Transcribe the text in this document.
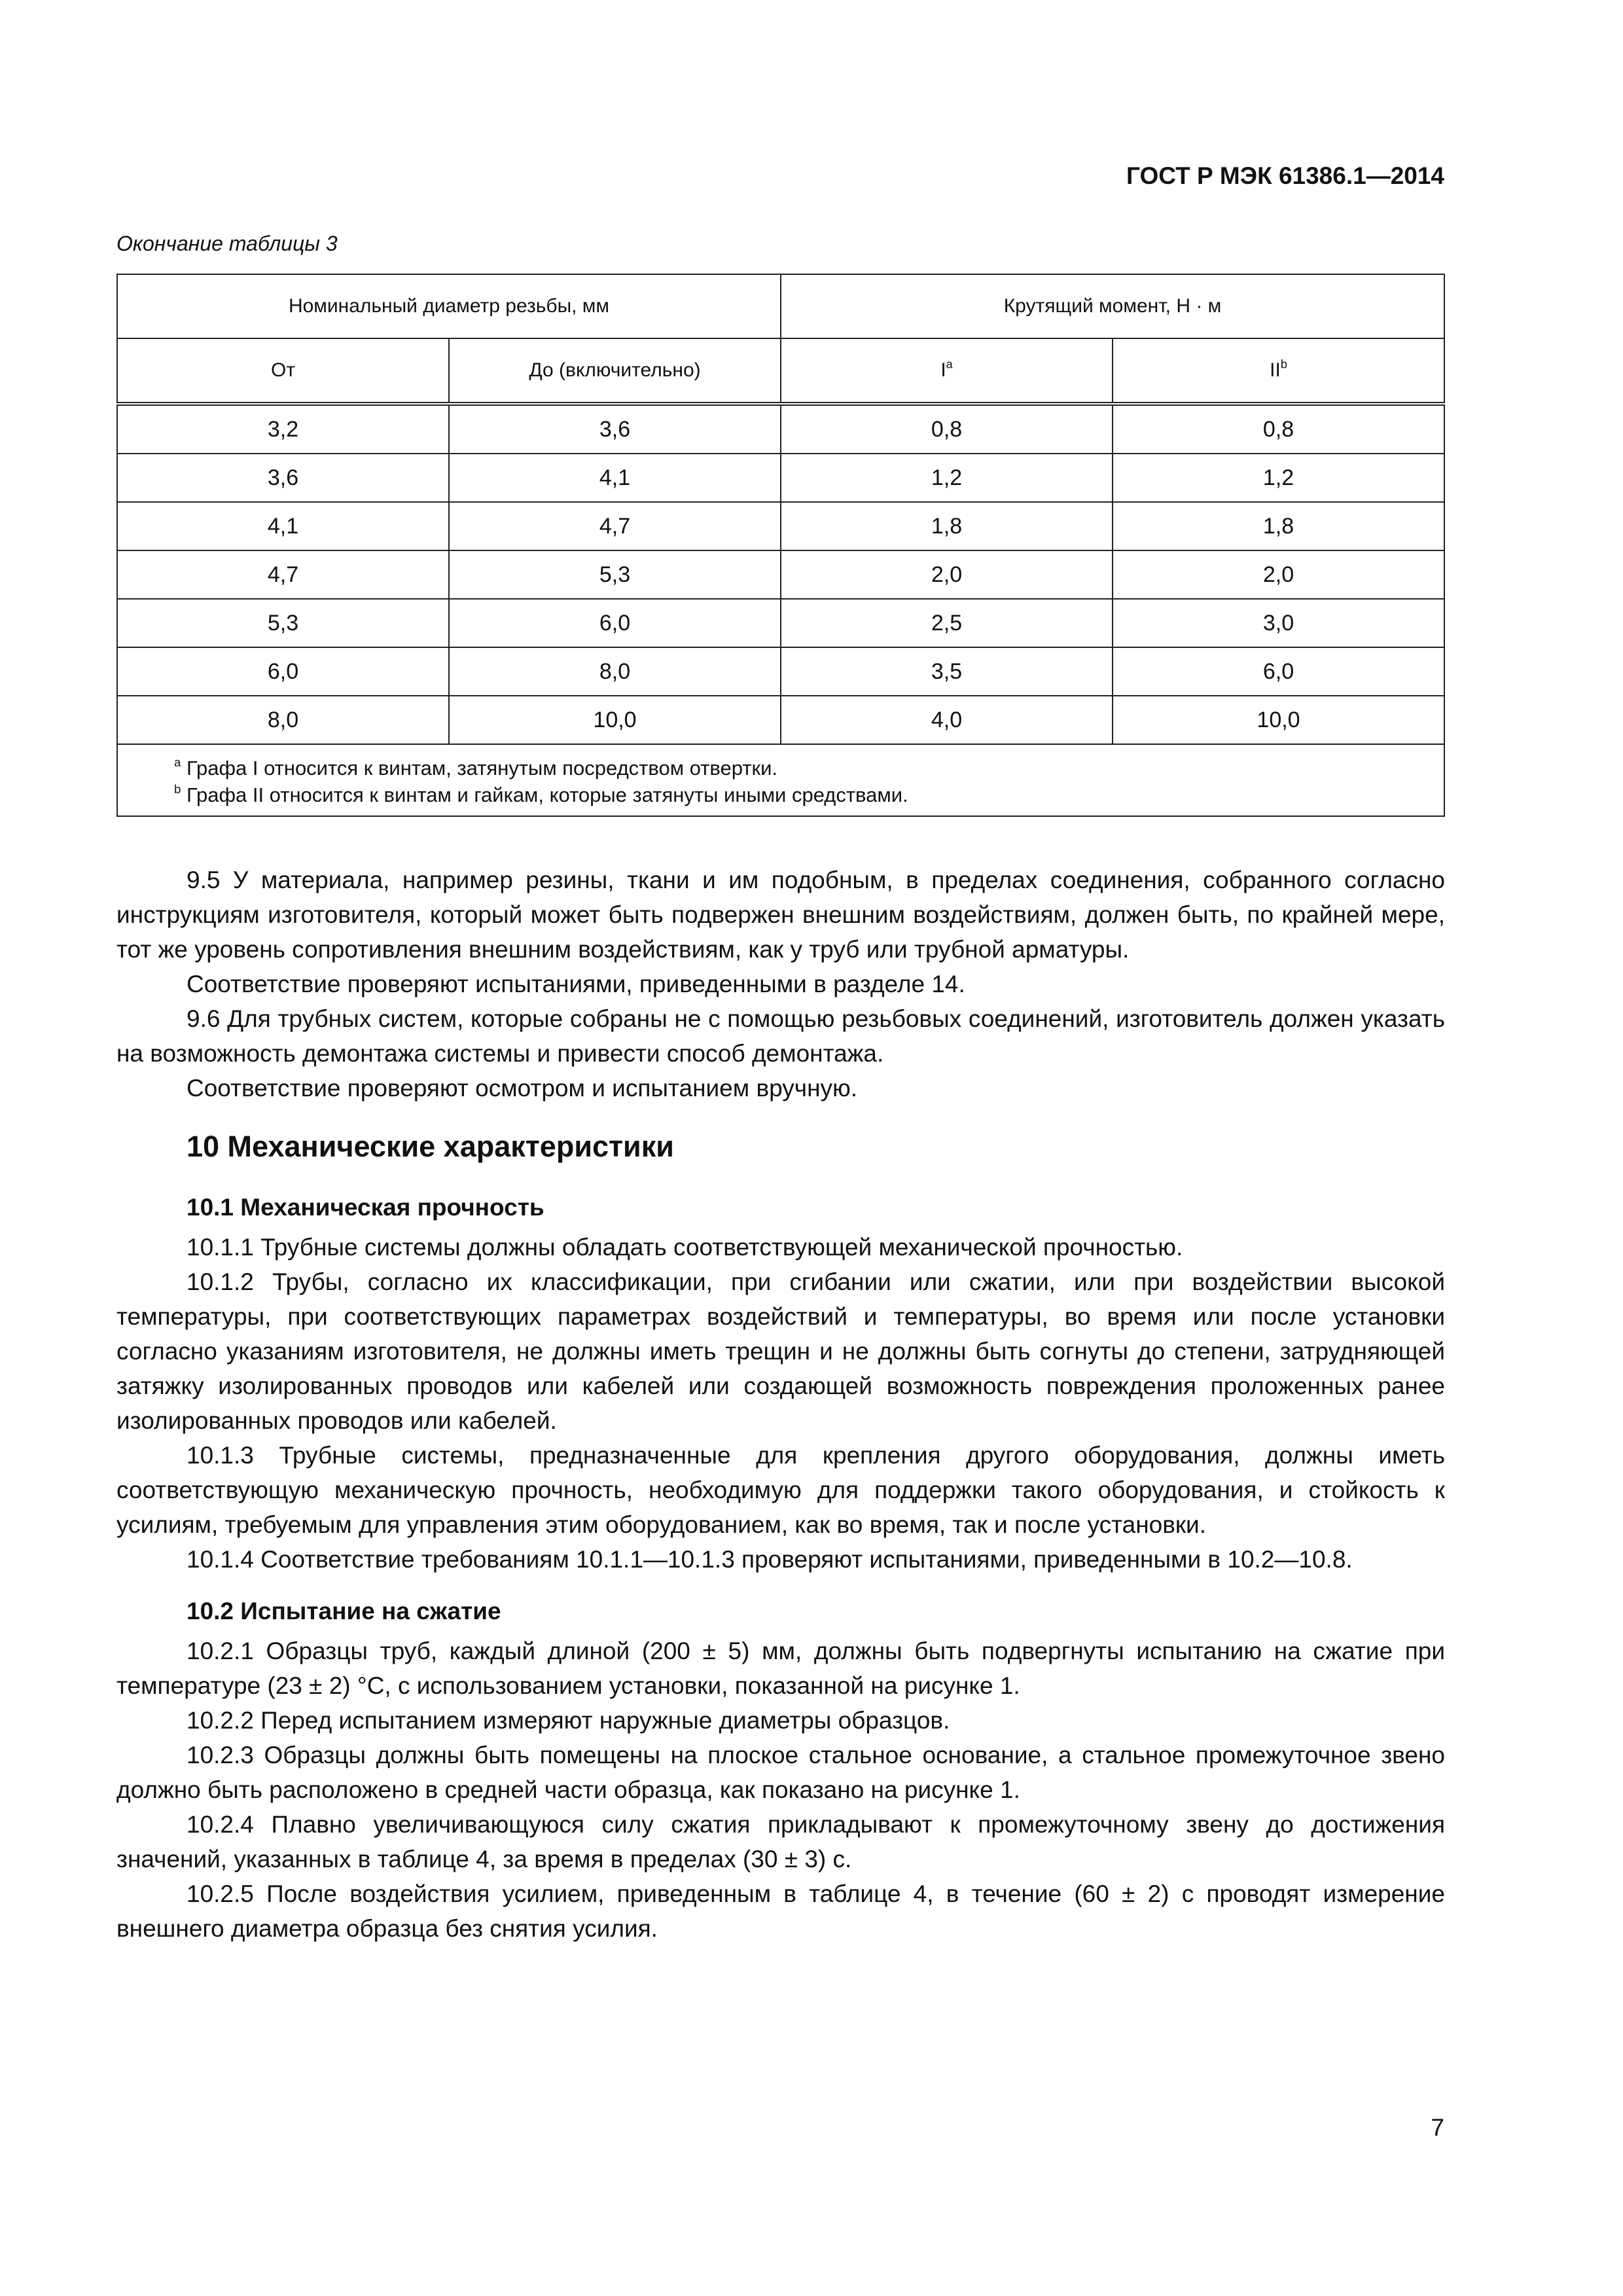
ГОСТ Р МЭК 61386.1—2014
Окончание таблицы 3
Номинальный диаметр резьбы, мм		Крутящий момент, Н · м	
От	До (включительно)	$I^a$	$II^b$
3,2	3,6	0,8	0,8
3,6	4,1	1,2	1,2
4,1	4,7	1,8	1,8
4,7	5,3	2,0	2,0
5,3	6,0	2,5	3,0
6,0	8,0	3,5	6,0
8,0	10,0	4,0	10,0

$^a$ Графа I относится к винтам, затянутым посредством отвертки.
$^b$ Графа II относится к винтам и гайкам, которые затянуты иными средствами.			

9.5 У материала, например резины, ткани и им подобным, в пределах соединения, собранного согласно инструкциям изготовителя, который может быть подвержен внешним воздействиям, должен быть, по крайней мере, тот же уровень сопротивления внешним воздействиям, как у труб или трубной арматуры.

Соответствие проверяют испытаниями, приведенными в разделе 14.

9.6 Для трубных систем, которые собраны не с помощью резьбовых соединений, изготовитель должен указать на возможность демонтажа системы и привести способ демонтажа.

Соответствие проверяют осмотром и испытанием вручную.

10 Механические характеристики
10.1 Механическая прочность

10.1.1 Трубные системы должны обладать соответствующей механической прочностью.

10.1.2 Трубы, согласно их классификации, при сгибании или сжатии, или при воздействии высокой температуры, при соответствующих параметрах воздействий и температуры, во время или после установки согласно указаниям изготовителя, не должны иметь трещин и не должны быть согнуты до степени, затрудняющей затяжку изолированных проводов или кабелей или создающей возможность повреждения проложенных ранее изолированных проводов или кабелей.

10.1.3 Трубные системы, предназначенные для крепления другого оборудования, должны иметь соответствующую механическую прочность, необходимую для поддержки такого оборудования, и стойкость к усилиям, требуемым для управления этим оборудованием, как во время, так и после установки.

10.1.4 Соответствие требованиям 10.1.1—10.1.3 проверяют испытаниями, приведенными в 10.2—10.8.

10.2 Испытание на сжатие

10.2.1 Образцы труб, каждый длиной (200 ± 5) мм, должны быть подвергнуты испытанию на сжатие при температуре (23 ± 2) °С, с использованием установки, показанной на рисунке 1.

10.2.2 Перед испытанием измеряют наружные диаметры образцов.

10.2.3 Образцы должны быть помещены на плоское стальное основание, а стальное промежуточное звено должно быть расположено в средней части образца, как показано на рисунке 1.

10.2.4 Плавно увеличивающуюся силу сжатия прикладывают к промежуточному звену до достижения значений, указанных в таблице 4, за время в пределах (30 ± 3) с.

10.2.5 После воздействия усилием, приведенным в таблице 4, в течение (60 ± 2) с проводят измерение внешнего диаметра образца без снятия усилия.

7
